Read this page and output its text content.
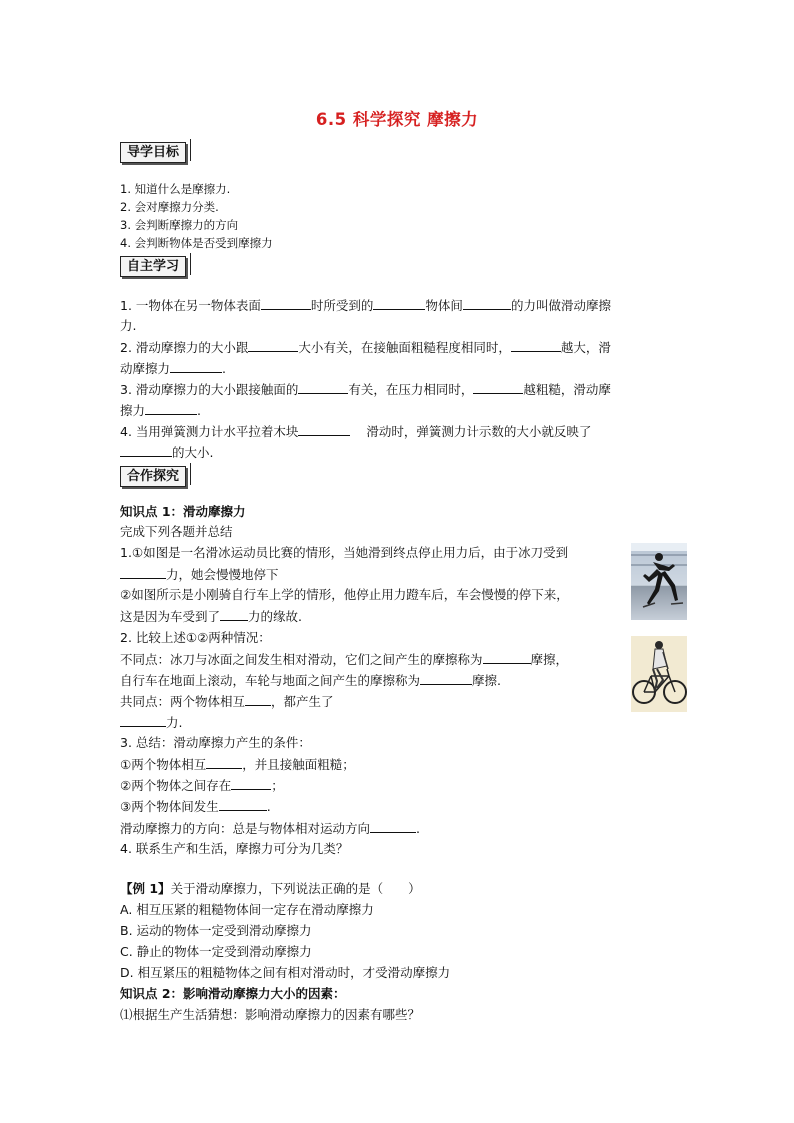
6.5 科学探究 摩擦力
导学目标
1. 知道什么是摩擦力.
2. 会对摩擦力分类.
3. 会判断摩擦力的方向
4. 会判断物体是否受到摩擦力
自主学习
1. 一物体在另一物体表面	时所受到的	物体间	的力叫做滑动摩擦
力.
2. 滑动摩擦力的大小跟	大小有关，在接触面粗糙程度相同时，	越大，滑
动摩擦力	.
3. 滑动摩擦力的大小跟接触面的	有关，在压力相同时，	越粗糙，滑动摩
擦力	.
4. 当用弹簧测力计水平拉着木块	滑动时，弹簧测力计示数的大小就反映了
的大小.
合作探究
知识点 1：滑动摩擦力
完成下列各题并总结
1.①如图是一名滑冰运动员比赛的情形，当她滑到终点停止用力后，由于冰刀受到
力，她会慢慢地停下
②如图所示是小刚骑自行车上学的情形，他停止用力蹬车后，车会慢慢的停下来，
这是因为车受到了 力的缘故.
2. 比较上述①②两种情况：
不同点：冰刀与冰面之间发生相对滑动，它们之间产生的摩擦称为	摩擦，
自行车在地面上滚动，车轮与地面之间产生的摩擦称为	摩擦.
共同点：两个物体相互 ，都产生了
力.
3. 总结：滑动摩擦力产生的条件：
①两个物体相互	，并且接触面粗糙；
②两个物体之间存在	；
③两个物体间发生	.
滑动摩擦力的方向：总是与物体相对运动方向	.
4. 联系生产和生活，摩擦力可分为几类？
【例 1】关于滑动摩擦力，下列说法正确的是（　　）
A. 相互压紧的粗糙物体间一定存在滑动摩擦力
B. 运动的物体一定受到滑动摩擦力
C. 静止的物体一定受到滑动摩擦力
D. 相互紧压的粗糙物体之间有相对滑动时，才受滑动摩擦力
知识点 2：影响滑动摩擦力大小的因素：
⑴根据生产生活猜想：影响滑动摩擦力的因素有哪些？
